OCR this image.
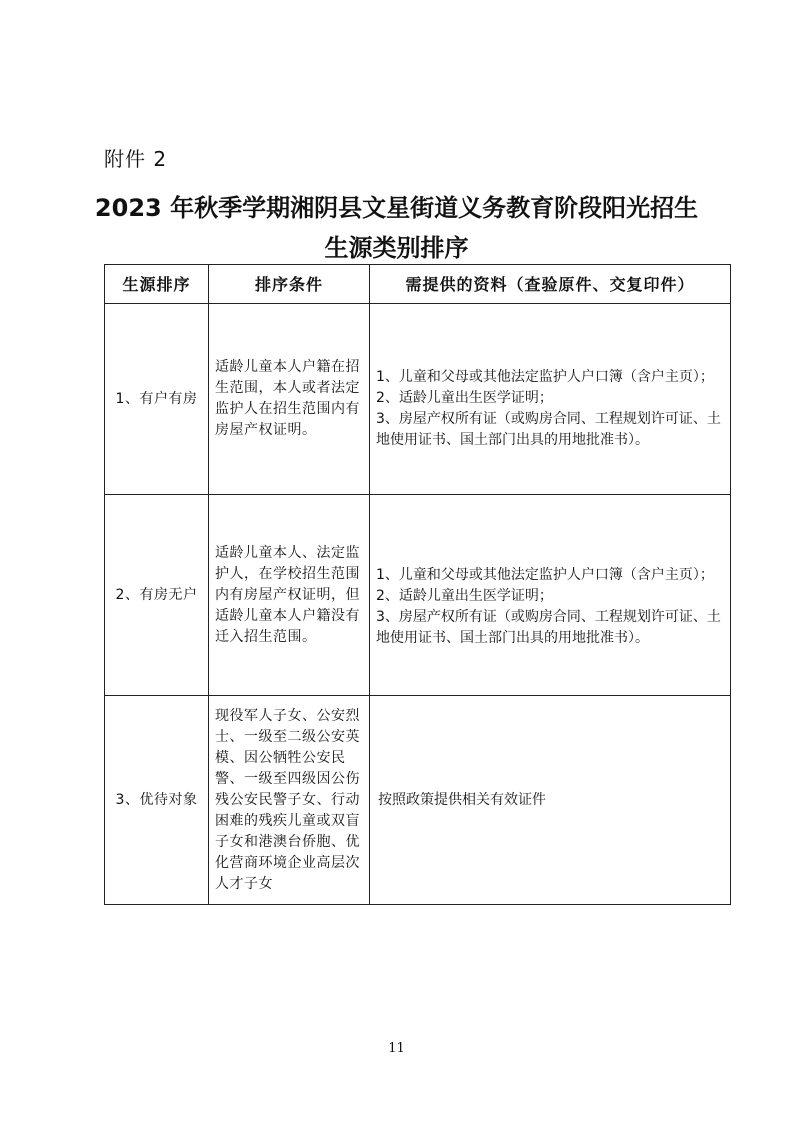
附件 2
2023 年秋季学期湘阴县文星街道义务教育阶段阳光招生
生源类别排序
生源排序	排序条件	需提供的资料（查验原件、交复印件）
1、有户有房	适龄儿童本人户籍在招生范围，本人或者法定监护人在招生范围内有房屋产权证明。	1、儿童和父母或其他法定监护人户口簿（含户主页）；
2、适龄儿童出生医学证明；
3、房屋产权所有证（或购房合同、工程规划许可证、土地使用证书、国土部门出具的用地批准书）。

2、有房无户	适龄儿童本人、法定监护人，在学校招生范围内有房屋产权证明，但适龄儿童本人户籍没有迁入招生范围。	1、儿童和父母或其他法定监护人户口簿（含户主页）；
2、适龄儿童出生医学证明；
3、房屋产权所有证（或购房合同、工程规划许可证、土地使用证书、国土部门出具的用地批准书）。

3、优待对象	现役军人子女、公安烈士、一级至二级公安英模、因公牺牲公安民警、一级至四级因公伤残公安民警子女、行动困难的残疾儿童或双盲子女和港澳台侨胞、优化营商环境企业高层次人才子女	按照政策提供相关有效证件
11
